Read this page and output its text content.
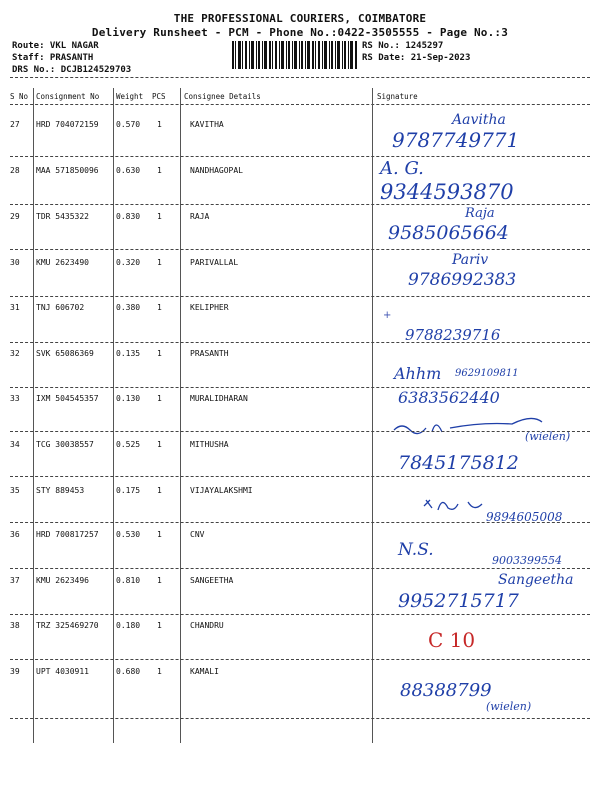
THE PROFESSIONAL COURIERS, COIMBATORE
Delivery Runsheet - PCM - Phone No.:0422-3505555 - Page No.:3
Route: VKL NAGAR
Staff: PRASANTH
DRS No.: DCJB124529703
RS No.: 1245297
RS Date: 21-Sep-2023
S No Consignment No Weight PCS Consignee Details	Signature
27 HRD 704072159 0.570 1	KAVITHA	Aavitha
9787749771
28 MAA 571850096 0.630 1	NANDHAGOPAL	A. G.
9344593870
29 TDR 5435322	0.830 1	RAJA	Raja
9585065664
30 KMU 2623490	0.320 1	PARIVALLAL	Pariv
9786992383
31 TNJ 606702	0.380 1	KELIPHER
+
9788239716
32 SVK 65086369	0.135 1	PRASANTH
Ahhm 9629109811
33 IXM 504545357 0.130 1	MURALIDHARAN	6383562440
34 TCG 30038557	0.525 1	MITHUSHA
(wielen)
7845175812
35 STY 889453	0.175 1	VIJAYALAKSHMI
9894605008
36 HRD 700817257 0.530 1	CNV
N.S.
9003399554
37 KMU 2623496	0.810 1	SANGEETHA	Sangeetha
9952715717
38 TRZ 325469270 0.180 1	CHANDRU
C 10
39 UPT 4030911	0.680 1	KAMALI
88388799
(wielen)
